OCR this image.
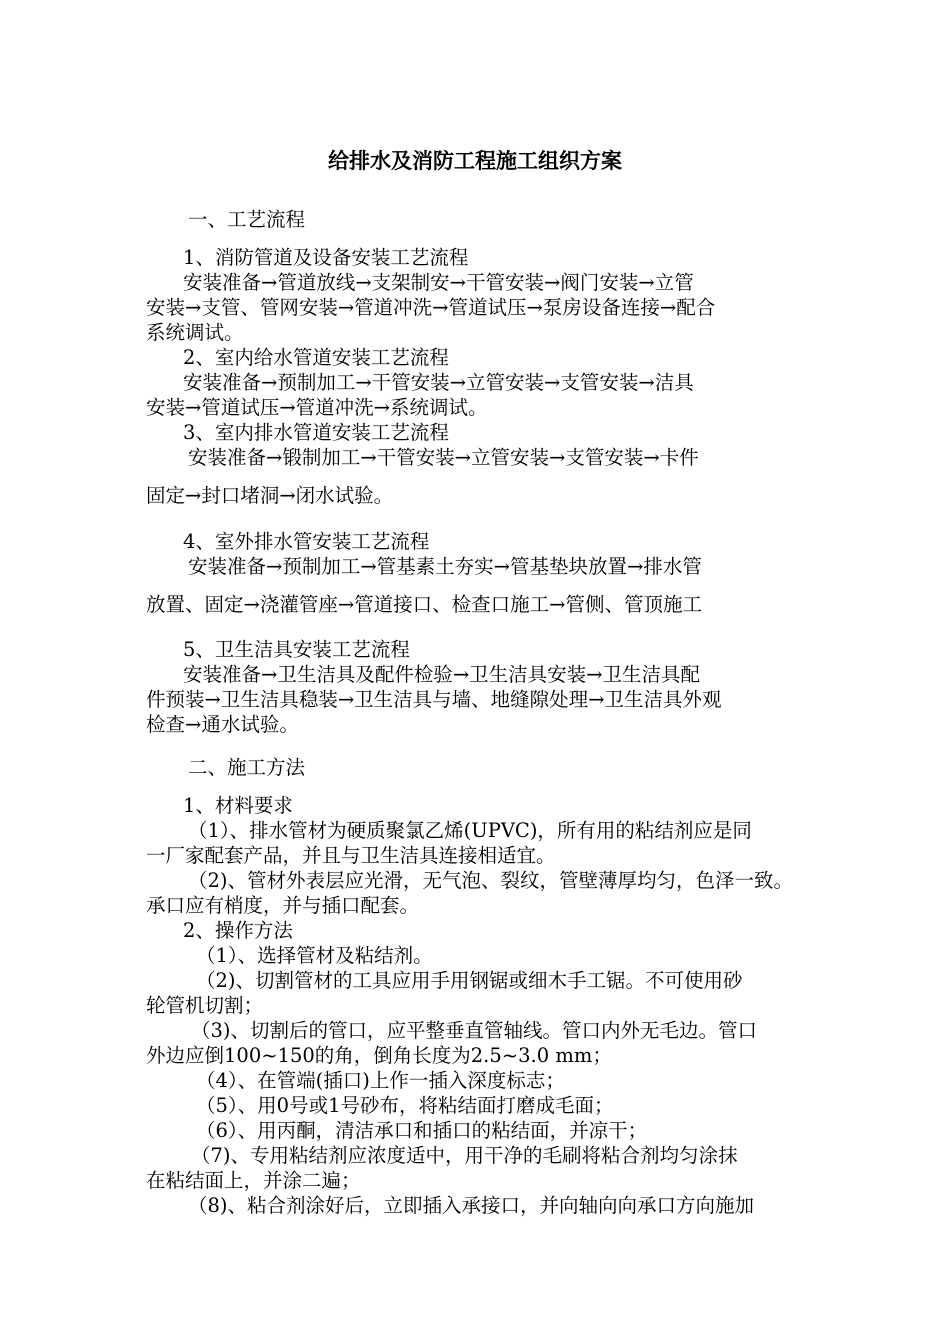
给排水及消防工程施工组织方案
一、工艺流程
1、消防管道及设备安装工艺流程
安装准备→管道放线→支架制安→干管安装→阀门安装→立管
安装→支管、管网安装→管道冲洗→管道试压→泵房设备连接→配合
系统调试。
2、室内给水管道安装工艺流程
安装准备→预制加工→干管安装→立管安装→支管安装→洁具
安装→管道试压→管道冲洗→系统调试。
3、室内排水管道安装工艺流程
安装准备→锻制加工→干管安装→立管安装→支管安装→卡件
固定→封口堵洞→闭水试验。
4、室外排水管安装工艺流程
安装准备→预制加工→管基素土夯实→管基垫块放置→排水管
放置、固定→浇灌管座→管道接口、检查口施工→管侧、管顶施工
5、卫生洁具安装工艺流程
安装准备→卫生洁具及配件检验→卫生洁具安装→卫生洁具配
件预装→卫生洁具稳装→卫生洁具与墙、地缝隙处理→卫生洁具外观
检查→通水试验。
二、施工方法
1、材料要求
（1）、排水管材为硬质聚氯乙烯(UPVC)，所有用的粘结剂应是同
一厂家配套产品，并且与卫生洁具连接相适宜。
（2)、管材外表层应光滑，无气泡、裂纹，管壁薄厚均匀，色泽一致。
承口应有梢度，并与插口配套。
2、操作方法
（1）、选择管材及粘结剂。
（2)、切割管材的工具应用手用钢锯或细木手工锯。不可使用砂
轮管机切割；
（3)、切割后的管口，应平整垂直管轴线。管口内外无毛边。管口
外边应倒100~150的角，倒角长度为2.5~3.0 mm；
（4）、在管端(插口)上作一插入深度标志；
（5）、用0号或1号砂布，将粘结面打磨成毛面；
（6）、用丙酮，清洁承口和插口的粘结面，并凉干；
（7)、专用粘结剂应浓度适中，用干净的毛刷将粘合剂均匀涂抹
在粘结面上，并涂二遍；
（8)、粘合剂涂好后，立即插入承接口，并向轴向向承口方向施加
